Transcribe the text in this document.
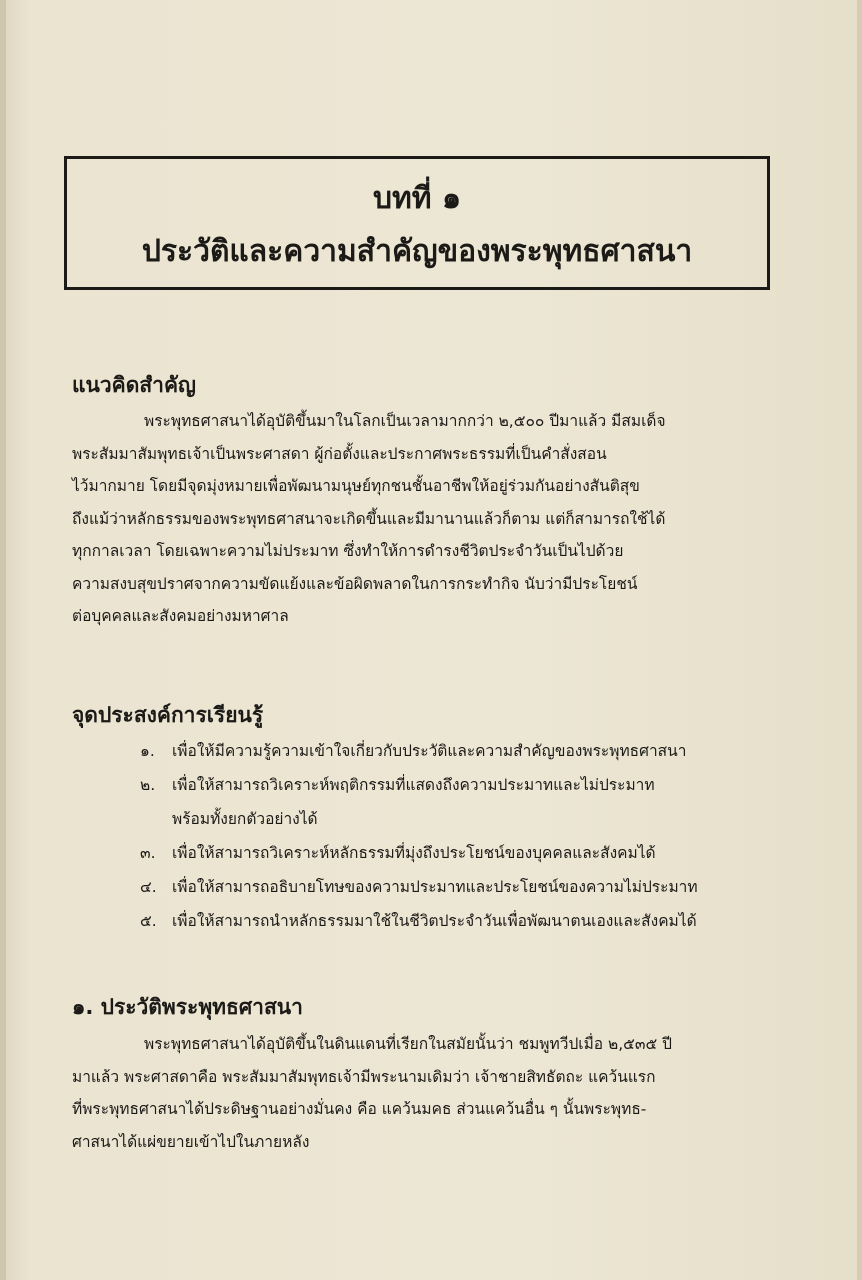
บทที่ ๑
ประวัติและความสำคัญของพระพุทธศาสนา
แนวคิดสำคัญ
พระพุทธศาสนาได้อุบัติขึ้นมาในโลกเป็นเวลามากกว่า ๒,๕๐๐ ปีมาแล้ว มีสมเด็จ
พระสัมมาสัมพุทธเจ้าเป็นพระศาสดา ผู้ก่อตั้งและประกาศพระธรรมที่เป็นคำสั่งสอน
ไว้มากมาย โดยมีจุดมุ่งหมายเพื่อพัฒนามนุษย์ทุกชนชั้นอาชีพให้อยู่ร่วมกันอย่างสันติสุข
ถึงแม้ว่าหลักธรรมของพระพุทธศาสนาจะเกิดขึ้นและมีมานานแล้วก็ตาม แต่ก็สามารถใช้ได้
ทุกกาลเวลา โดยเฉพาะความไม่ประมาท ซึ่งทำให้การดำรงชีวิตประจำวันเป็นไปด้วย
ความสงบสุขปราศจากความขัดแย้งและข้อผิดพลาดในการกระทำกิจ นับว่ามีประโยชน์
ต่อบุคคลและสังคมอย่างมหาศาล
จุดประสงค์การเรียนรู้
๑.	เพื่อให้มีความรู้ความเข้าใจเกี่ยวกับประวัติและความสำคัญของพระพุทธศาสนา
๒.	เพื่อให้สามารถวิเคราะห์พฤติกรรมที่แสดงถึงความประมาทและไม่ประมาท
พร้อมทั้งยกตัวอย่างได้
๓.	เพื่อให้สามารถวิเคราะห์หลักธรรมที่มุ่งถึงประโยชน์ของบุคคลและสังคมได้
๔. เพื่อให้สามารถอธิบายโทษของความประมาทและประโยชน์ของความไม่ประมาท
๕. เพื่อให้สามารถนำหลักธรรมมาใช้ในชีวิตประจำวันเพื่อพัฒนาตนเองและสังคมได้
๑. ประวัติพระพุทธศาสนา
พระพุทธศาสนาได้อุบัติขึ้นในดินแดนที่เรียกในสมัยนั้นว่า ชมพูทวีปเมื่อ ๒,๕๓๕ ปี
มาแล้ว พระศาสดาคือ พระสัมมาสัมพุทธเจ้ามีพระนามเดิมว่า เจ้าชายสิทธัตถะ แคว้นแรก
ที่พระพุทธศาสนาได้ประดิษฐานอย่างมั่นคง คือ แคว้นมคธ ส่วนแคว้นอื่น ๆ นั้นพระพุทธ-
ศาสนาได้แผ่ขยายเข้าไปในภายหลัง
